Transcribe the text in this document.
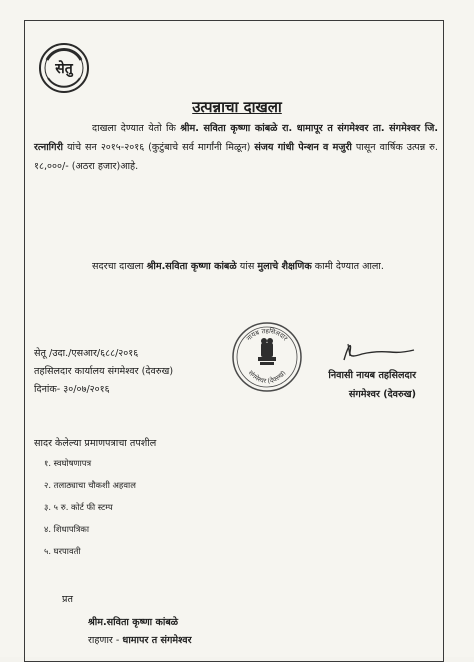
सेतु
उत्पन्नाचा दाखला
दाखला देण्यात येतो कि श्रीम. सविता कृष्णा कांबळे रा. धामापूर त संगमेश्वर ता. संगमेश्वर जि. रत्नागिरी यांचे सन २०१५-२०१६ (कुटुंबाचे सर्व मार्गांनी मिळून) संजय गांधी पेन्शन व मजुरी पासून वार्षिक उत्पन्न रु. १८,०००/- (अठरा हजार)आहे.
सदरचा दाखला श्रीम.सविता कृष्णा कांबळे यांस मुलाचे शैक्षणिक कामी देण्यात आला.
सेतू /उदा./एसआर/६८८/२०१६
तहसिलदार कार्यालय संगमेश्वर (देवरुख)
दिनांक- ३०/०७/२०१६
नायब तहसिलदार
संगमेश्वर (देवरुख)	निवासी नायब तहसिलदार
संगमेश्वर (देवरुख)
सादर केलेल्या प्रमाणपत्राचा तपशील
१. स्वघोषणापत्र
२. तलाठ्याचा चौकशी अहवाल
३. ५ रु. कोर्ट फी स्टम्प
४. शिधापत्रिका
५. घरपावती
प्रत
श्रीम.सविता कृष्णा कांबळे
राहणार - धामापर त संगमेश्वर
